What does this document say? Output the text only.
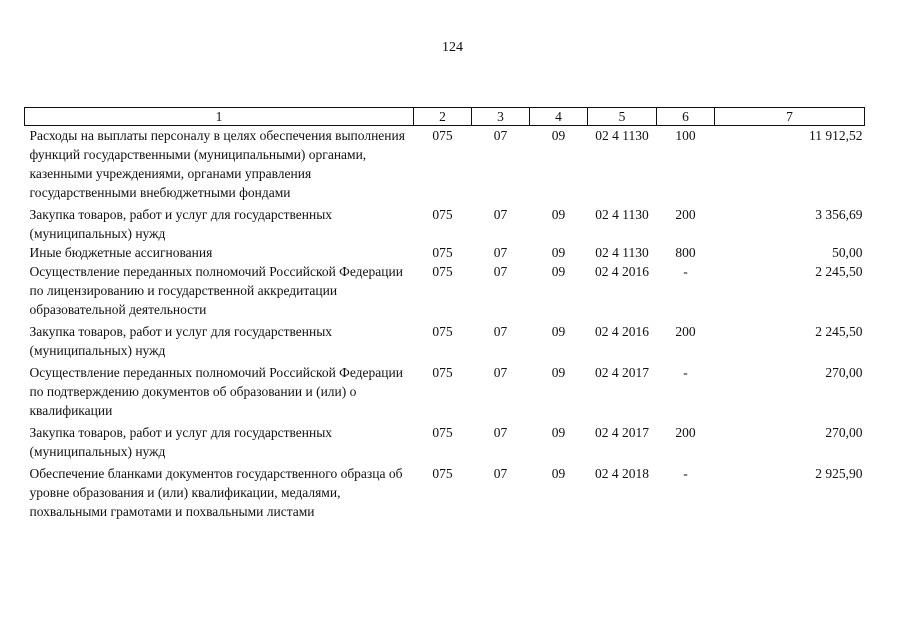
124
1	2	3	4	5	6	7
Расходы на выплаты персоналу в целях обеспечения выполнения функций государственными (муниципальными) органами, казенными учреждениями, органами управления государственными внебюджетными фондами	075	07	09	02 4 1130	100	11 912,52
Закупка товаров, работ и услуг для государственных (муниципальных) нужд	075	07	09	02 4 1130	200	3 356,69
Иные бюджетные ассигнования	075	07	09	02 4 1130	800	50,00
Осуществление переданных полномочий Российской Федерации по лицензированию и государственной аккредитации образовательной деятельности	075	07	09	02 4 2016	-	2 245,50
Закупка товаров, работ и услуг для государственных (муниципальных) нужд	075	07	09	02 4 2016	200	2 245,50
Осуществление переданных полномочий Российской Федерации по подтверждению документов об образовании и (или) о квалификации	075	07	09	02 4 2017	-	270,00
Закупка товаров, работ и услуг для государственных (муниципальных) нужд	075	07	09	02 4 2017	200	270,00
Обеспечение бланками документов государственного образца об уровне образования и (или) квалификации, медалями, похвальными грамотами и похвальными листами	075	07	09	02 4 2018	-	2 925,90
